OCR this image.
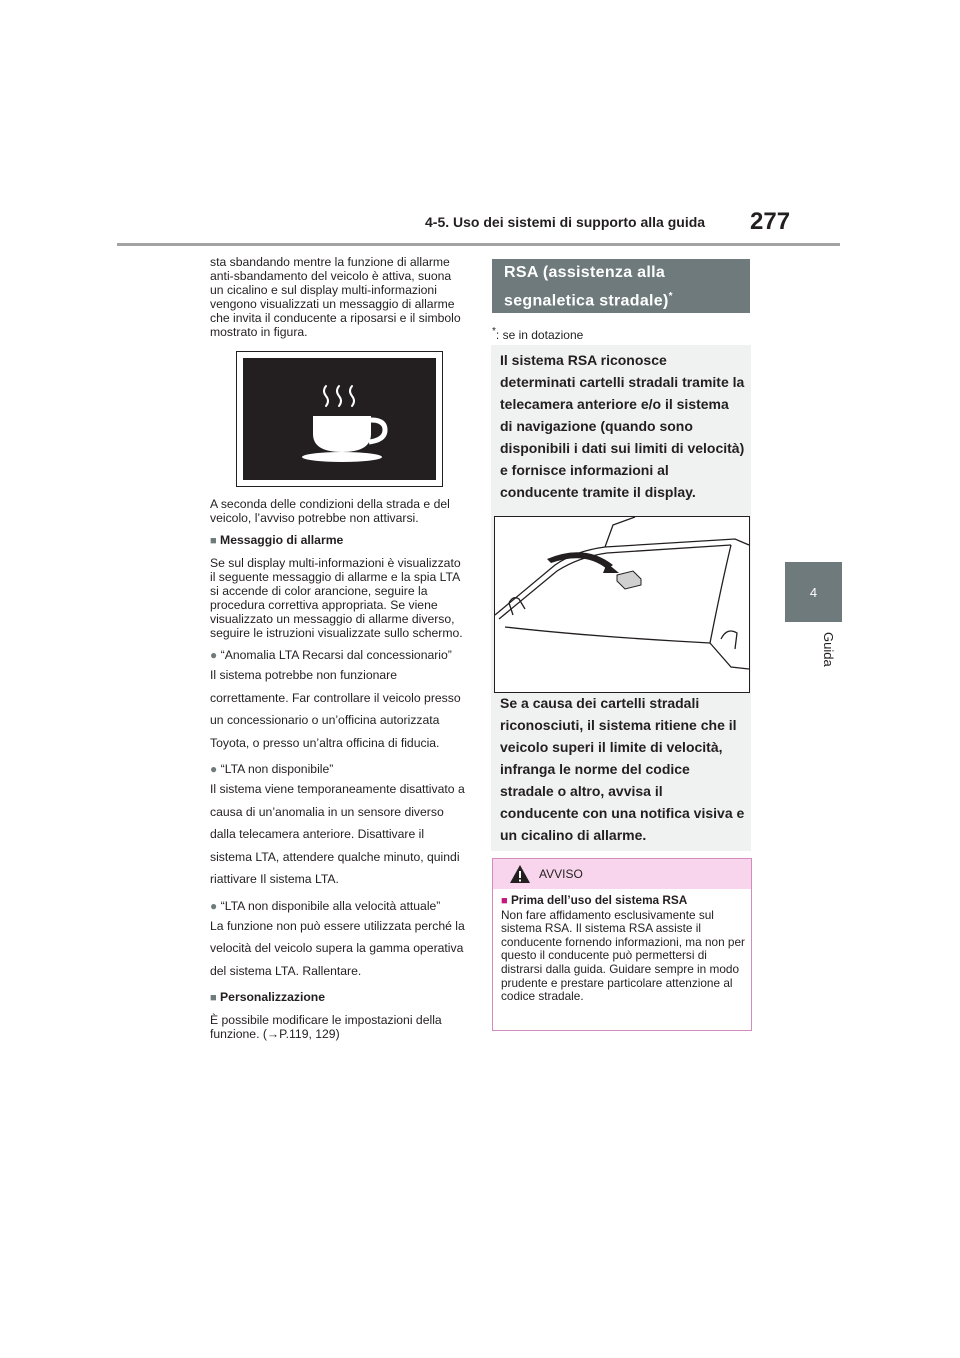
4-5. Uso dei sistemi di supporto alla guida 277
4
Guida

sta sbandando mentre la funzione di allarme anti-sbandamento del veicolo è attiva, suona un cicalino e sul display multi-informazioni vengono visualizzati un messaggio di allarme che invita il conducente a riposarsi e il simbolo mostrato in figura.

A seconda delle condizioni della strada e del veicolo, l’avviso potrebbe non attivarsi.

■ Messaggio di allarme

Se sul display multi-informazioni è visualizzato il seguente messaggio di allarme e la spia LTA si accende di color arancione, seguire la procedura correttiva appropriata. Se viene visualizzato un messaggio di allarme diverso, seguire le istruzioni visualizzate sullo schermo.

● “Anomalia LTA Recarsi dal concessionario”

Il sistema potrebbe non funzionare correttamente. Far controllare il veicolo presso un concessionario o un’officina autorizzata Toyota, o presso un’altra officina di fiducia.

● “LTA non disponibile”

Il sistema viene temporaneamente disattivato a causa di un’anomalia in un sensore diverso dalla telecamera anteriore. Disattivare il sistema LTA, attendere qualche minuto, quindi riattivare Il sistema LTA.

● “LTA non disponibile alla velocità attuale”

La funzione non può essere utilizzata perché la velocità del veicolo supera la gamma operativa del sistema LTA. Rallentare.

■ Personalizzazione

È possibile modificare le impostazioni della funzione. (→P.119, 129)

RSA (assistenza alla
segnaletica stradale)*
*: se in dotazione
Il sistema RSA riconosce determinati cartelli stradali tramite la telecamera anteriore e/o il sistema di navigazione (quando sono disponibili i dati sui limiti di velocità) e fornisce informazioni al conducente tramite il display.
Se a causa dei cartelli stradali riconosciuti, il sistema ritiene che il veicolo superi il limite di velocità, infranga le norme del codice stradale o altro, avvisa il conducente con una notifica visiva e un cicalino di allarme.
AVVISO

■ Prima dell’uso del sistema RSA

Non fare affidamento esclusivamente sul sistema RSA. Il sistema RSA assiste il conducente fornendo informazioni, ma non per questo il conducente può permettersi di distrarsi dalla guida. Guidare sempre in modo prudente e prestare particolare attenzione al codice stradale.
